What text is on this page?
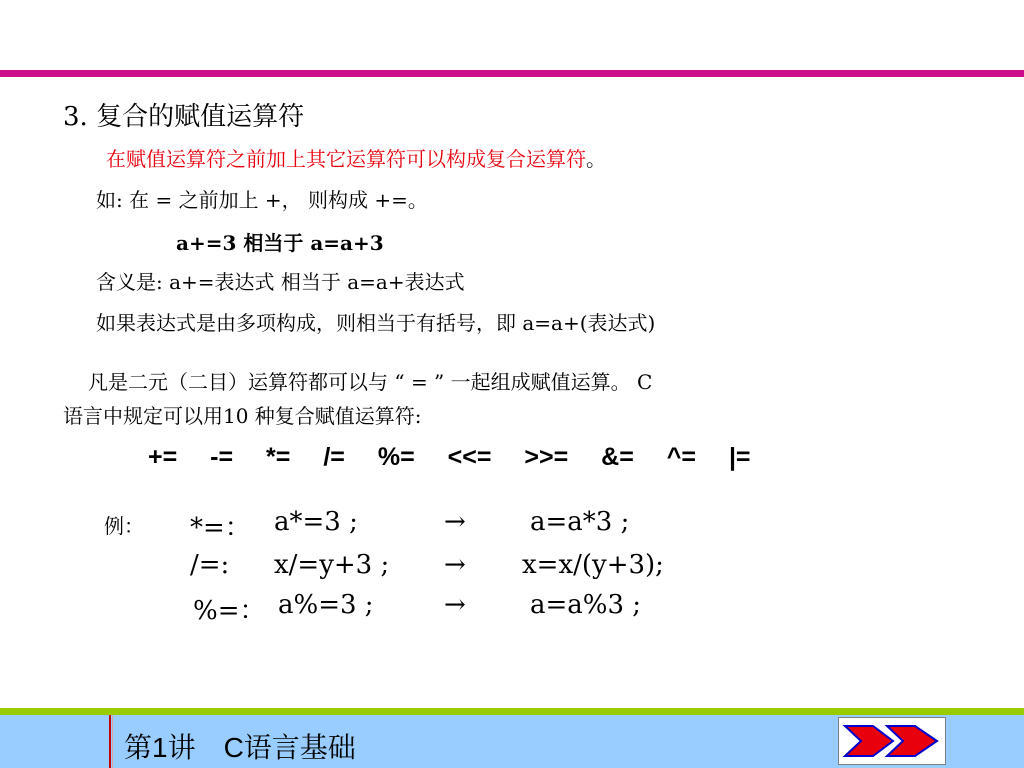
3. 复合的赋值运算符
在赋值运算符之前加上其它运算符可以构成复合运算符。
如: 在 = 之前加上 +， 则构成 +=。
a+=3 相当于 a=a+3
含义是: a+=表达式 相当于 a=a+表达式
如果表达式是由多项构成，则相当于有括号，即 a=a+(表达式)
凡是二元（二目）运算符都可以与 “ = ” 一起组成赋值运算。 C
语言中规定可以用10 种复合赋值运算符:
+= -= *= /= %= <<= >>= &= ^= |=
例： *=： a*=3 ;	→ a=a*3 ;
/=: x/=y+3 ; → x=x/(y+3);
%=： a%=3 ;	→ a=a%3 ;
第1讲　C语言基础
